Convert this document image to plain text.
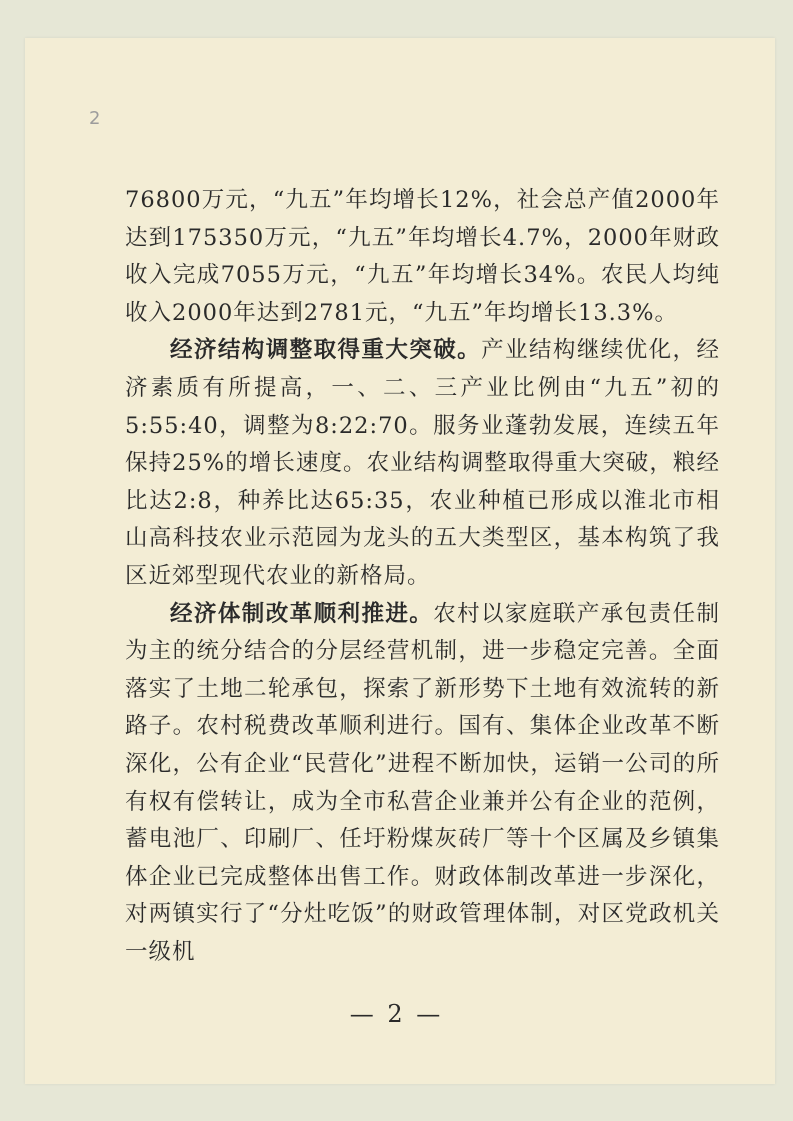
2

76800万元，“九五”年均增长12%，社会总产值2000年达到175350万元，“九五”年均增长4.7%，2000年财政收入完成7055万元，“九五”年均增长34%。农民人均纯收入2000年达到2781元，“九五”年均增长13.3%。

经济结构调整取得重大突破。产业结构继续优化，经济素质有所提高，一、二、三产业比例由“九五”初的5:55:40，调整为8:22:70。服务业蓬勃发展，连续五年保持25%的增长速度。农业结构调整取得重大突破，粮经比达2:8，种养比达65:35，农业种植已形成以淮北市相山高科技农业示范园为龙头的五大类型区，基本构筑了我区近郊型现代农业的新格局。

经济体制改革顺利推进。农村以家庭联产承包责任制为主的统分结合的分层经营机制，进一步稳定完善。全面落实了土地二轮承包，探索了新形势下土地有效流转的新路子。农村税费改革顺利进行。国有、集体企业改革不断深化，公有企业“民营化”进程不断加快，运销一公司的所有权有偿转让，成为全市私营企业兼并公有企业的范例，蓄电池厂、印刷厂、任圩粉煤灰砖厂等十个区属及乡镇集体企业已完成整体出售工作。财政体制改革进一步深化，对两镇实行了“分灶吃饭”的财政管理体制，对区党政机关一级机

— 2 —
